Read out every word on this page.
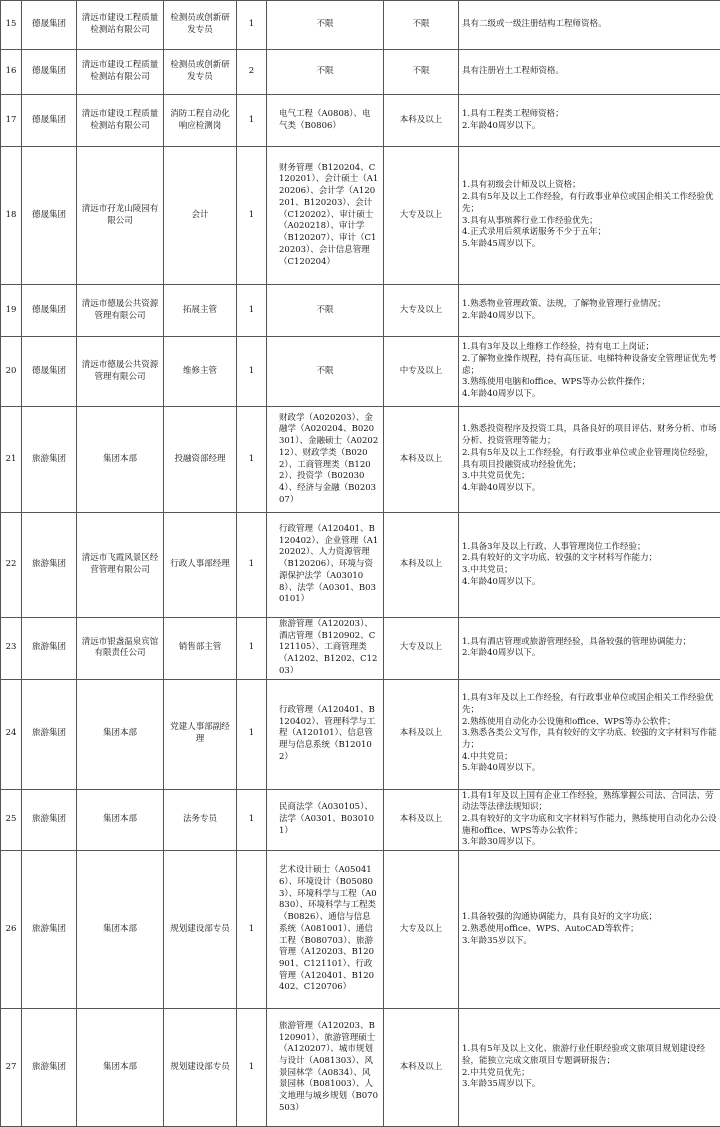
15	德晟集团	清远市建设工程质量检测站有限公司	检测员或创新研发专员	1	不限	不限	具有二级或一级注册结构工程师资格。

16	德晟集团	清远市建设工程质量检测站有限公司	检测员或创新研发专员	2	不限	不限	具有注册岩土工程师资格。

17	德晟集团	清远市建设工程质量检测站有限公司	消防工程自动化响应检测岗	1	电气工程（A0808）、电气类（B0806）	本科及以上	1.具有工程类工程师资格；
2.年龄40周岁以下。

18	德晟集团	清远市孖龙山陵园有限公司	会计	1	财务管理（B120204、C120201）、会计硕士（A120206）、会计学（A120201、B120203）、会计（C120202）、审计硕士（A020218）、审计学（B120207）、审计（C120203）、会计信息管理（C120204）	大专及以上	1.具有初级会计师及以上资格；
2.具有5年及以上工作经验，有行政事业单位或国企相关工作经验优先；
3.具有从事殡葬行业工作经验优先；
4.正式录用后须承诺服务不少于五年；
5.年龄45周岁以下。

19	德晟集团	清远市德晟公共资源管理有限公司	拓展主管	1	不限	大专及以上	1.熟悉物业管理政策、法规，了解物业管理行业情况；
2.年龄40周岁以下。

20	德晟集团	清远市德晟公共资源管理有限公司	维修主管	1	不限	中专及以上	1.具有3年及以上维修工作经验，持有电工上岗证；
2.了解物业操作规程，持有高压证、电梯特种设备安全管理证优先考虑；
3.熟练使用电脑和office、WPS等办公软件操作；
4.年龄40周岁以下。

21	旅游集团	集团本部	投融资部经理	1	财政学（A020203）、金融学（A020204、B020301）、金融硕士（A020212）、财政学类（B0202）、工商管理类（B1202）、投资学（B020304）、经济与金融（B020307）	本科及以上	1.熟悉投资程序及投资工具，具备良好的项目评估、财务分析、市场分析、投资管理等能力；
2.具有5年及以上工作经验，有行政事业单位或企业管理岗位经验，具有项目投融资成功经验优先；
3.中共党员优先；
4.年龄40周岁以下。

22	旅游集团	清远市飞霞风景区经营管理有限公司	行政人事部经理	1	行政管理（A120401、B120402）、企业管理（A120202）、人力资源管理（B120206）、环境与资源保护法学（A030108）、法学（A0301、B030101）	本科及以上	1.具备3年及以上行政、人事管理岗位工作经验；
2.具有较好的文字功底、较强的文字材料写作能力；
3.中共党员；
4.年龄40周岁以下。

23	旅游集团	清远市银盏温泉宾馆有限责任公司	销售部主管	1	旅游管理（A120203）、酒店管理（B120902、C121105）、工商管理类（A1202、B1202、C1203）	大专及以上	1.具有酒店管理或旅游管理经验，具备较强的管理协调能力；
2.年龄40周岁以下。

24	旅游集团	集团本部	党建人事部副经理	1	行政管理（A120401、B120402）、管理科学与工程（A120101）、信息管理与信息系统（B120102）	本科及以上	1.具有3年及以上工作经验，有行政事业单位或国企相关工作经验优先；
2.熟练使用自动化办公设施和office、WPS等办公软件；
3.熟悉各类公文写作，具有较好的文字功底、较强的文字材料写作能力；
4.中共党员；
5.年龄40周岁以下。

25	旅游集团	集团本部	法务专员	1	民商法学（A030105）、法学（A0301、B030101）	本科及以上	1.具有1年及以上国有企业工作经验，熟练掌握公司法、合同法、劳动法等法律法规知识；
2.具有较好的文字功底和文字材料写作能力，熟练使用自动化办公设施和office、WPS等办公软件；
3.年龄30周岁以下。

26	旅游集团	集团本部	规划建设部专员	1	艺术设计硕士（A050416）、环境设计（B050803）、环境科学与工程（A0830）、环境科学与工程类（B0826）、通信与信息系统（A081001）、通信工程（B080703）、旅游管理（A120203、B120901、C121101）、行政管理（A120401、B120402、C120706）	大专及以上	1.具备较强的沟通协调能力，具有良好的文字功底；
2.熟悉使用office、WPS、AutoCAD等软件；
3.年龄35岁以下。

27	旅游集团	集团本部	规划建设部专员	1	旅游管理（A120203、B120901）、旅游管理硕士（A120207）、城市规划与设计（A081303）、风景园林学（A0834）、风景园林（B081003）、人文地理与城乡规划（B070503）	本科及以上	1.具有5年及以上文化、旅游行业任职经验或文旅项目规划建设经验，能独立完成文旅项目专题调研报告；
2.中共党员优先；
3.年龄35周岁以下。
